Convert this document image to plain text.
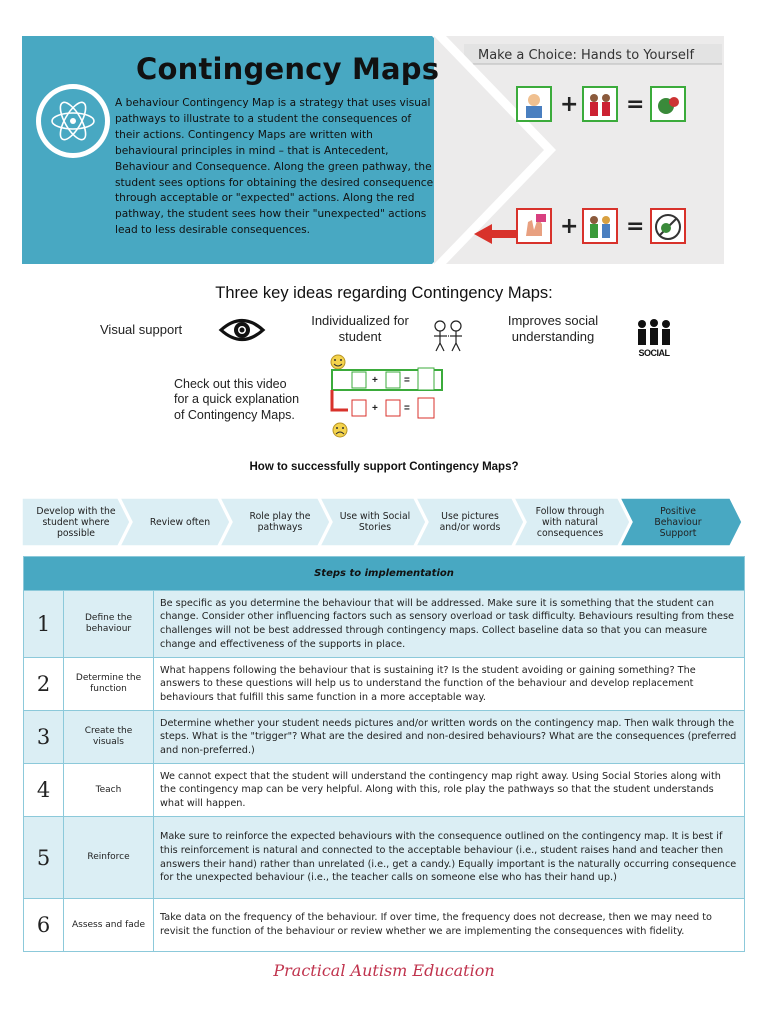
Make a Choice: Hands to Yourself
+ =
+ =
Contingency Maps

A behaviour Contingency Map is a strategy that uses visual pathways to illustrate to a student the consequences of their actions. Contingency Maps are written with behavioural principles in mind – that is Antecedent, Behaviour and Consequence. Along the green pathway, the student sees options for obtaining the desired consequence through acceptable or "expected" actions. Along the red pathway, the student sees how their "unexpected" actions lead to less desirable consequences.

Three key ideas regarding Contingency Maps:
Visual support
Individualized for student
Improves social understanding
SOCIAL
Check out this video for a quick explanation of Contingency Maps.
+	=
+	=
How to successfully support Contingency Maps?
Develop with the student where possible
Review often	Role play the pathways
Use with Social Stories
Use pictures and/or words
Follow through with natural consequences
Positive Behaviour Support
Steps to implementation		
1	Define the behaviour	Be specific as you determine the behaviour that will be addressed. Make sure it is something that the student can change. Consider other influencing factors such as sensory overload or task difficulty. Behaviours resulting from these challenges will not be best addressed through contingency maps. Collect baseline data so that you can measure change and effectiveness of the supports in place.
2	Determine the function	What happens following the behaviour that is sustaining it? Is the student avoiding or gaining something? The answers to these questions will help us to understand the function of the behaviour and develop replacement behaviours that fulfill this same function in a more acceptable way.
3	Create the visuals	Determine whether your student needs pictures and/or written words on the contingency map. Then walk through the steps. What is the "trigger"? What are the desired and non-desired behaviours? What are the consequences (preferred and non-preferred.)
4	Teach	We cannot expect that the student will understand the contingency map right away. Using Social Stories along with the contingency map can be very helpful. Along with this, role play the pathways so that the student understands what will happen.
5	Reinforce	Make sure to reinforce the expected behaviours with the consequence outlined on the contingency map. It is best if this reinforcement is natural and connected to the acceptable behaviour (i.e., student raises hand and teacher then answers their hand) rather than unrelated (i.e., get a candy.) Equally important is the naturally occurring consequence for the unexpected behaviour (i.e., the teacher calls on someone else who has their hand up.)
6	Assess and fade	Take data on the frequency of the behaviour. If over time, the frequency does not decrease, then we may need to revisit the function of the behaviour or review whether we are implementing the consequences with fidelity.
Practical Autism Education
